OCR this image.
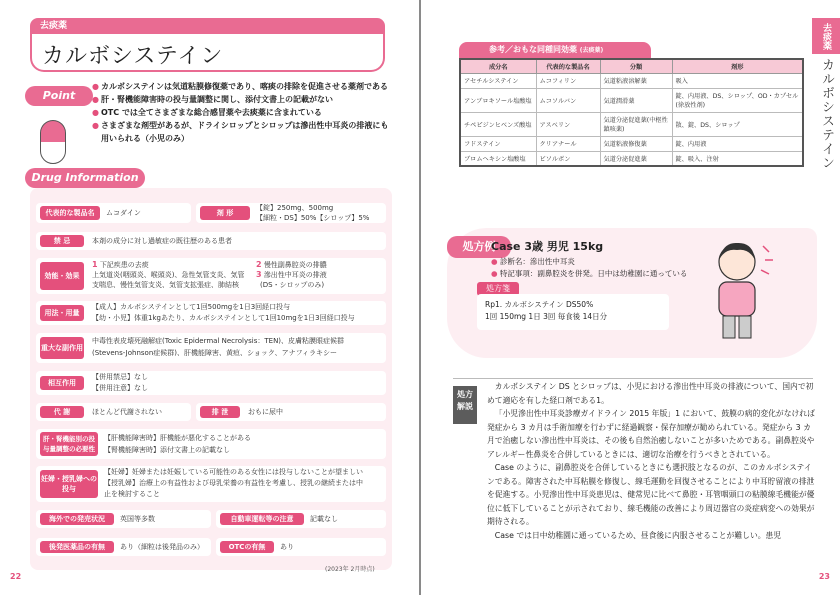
去痰薬
カルボシステイン
Point
● カルボシステインは気道粘膜修復薬であり、喀痰の排除を促進させる薬剤である
● 肝・腎機能障害時の投与量調整に関し、添付文書上の記載がない
● OTC では全てさまざまな総合感冒薬や去痰薬に含まれている
● さまざまな剤型があるが、ドライシロップとシロップは滲出性中耳炎の排液にも用いられる（小児のみ）
Drug Information
代表的な製品名	ムコダイン	剤 形
【錠】250mg、500mg
【細粒・DS】50%【シロップ】5%
禁 忌	本剤の成分に対し過敏症の既往歴のある患者
効能・効果
1 下記疾患の去痰
上気道炎(咽頭炎、喉頭炎)、急性気管支炎、気管
支喘息、慢性気管支炎、気管支拡張症、肺結核
2 慢性副鼻腔炎の排膿
3 滲出性中耳炎の排液
(DS・シロップのみ)
用法・用量
【成人】カルボシステインとして1回500mgを1日3回経口投与
【幼・小児】体重1kgあたり、カルボシステインとして1回10mgを1日3回経口投与
重大な副作用
中毒性表皮壊死融解症(Toxic Epidermal Necrolysis：TEN)、皮膚粘膜眼症候群
(Stevens-Johnson症候群)、肝機能障害、黄疸、ショック、アナフィラキシー
相互作用
【併用禁忌】なし
【併用注意】なし
代 謝	ほとんど代謝されない	排 泄	おもに尿中
肝・腎機能別の投与量調整の必要性
【肝機能障害時】肝機能が悪化することがある
【腎機能障害時】添付文書上の記載なし
妊婦・授乳婦への投与
【妊婦】妊婦または妊娠している可能性のある女性には投与しないことが望ましい
【授乳婦】治療上の有益性および母乳栄養の有益性を考慮し、授乳の継続または中
止を検討すること
海外での発売状況	英国等多数	自動車運転等の注意	記載なし
後発医薬品の有無	あり（細粒は後発品のみ）	OTCの有無	あり
(2023年 2月時点)
22
去痰薬
カルボシステイン
参考／おもな同種同効薬 (去痰薬)
成分名	代表的な製品名	分類	剤形
アセチルシステイン	ムコフィリン	気道粘液溶解薬	吸入
アンブロキソール塩酸塩	ムコソルバン	気道潤滑薬	錠、内用液、DS、シロップ、OD・カプセル(徐放性剤)
チペピジンヒベンズ酸塩	アスベリン	気道分泌促進薬(中枢性鎮咳薬)	散、錠、DS、シロップ
フドステイン	クリアナール	気道粘液修復薬	錠、内用液
ブロムヘキシン塩酸塩	ビソルボン	気道分泌促進薬	錠、吸入、注射
処方例
Case 3歳 男児 15kg
● 診断名：滲出性中耳炎
● 特記事項：副鼻腔炎を併発。日中は幼稚園に通っている
処方箋
Rp1. カルボシステイン DS50%
1回 150mg 1日 3回 毎食後 14日分
処方
解説

カルボシステイン DS とシロップは、小児における滲出性中耳炎の排液について、国内で初めて適応を有した経口剤である1。

「小児滲出性中耳炎診療ガイドライン 2015 年版」1 において、鼓膜の病的変化がなければ発症から 3 カ月は手術加療を行わずに経過観察・保存加療が勧められている。発症から 3 カ月で治癒しない滲出性中耳炎は、その後も自然治癒しないことが多いためである。副鼻腔炎やアレルギー性鼻炎を合併しているときには、適切な治療を行うべきとされている。

Case のように、副鼻腔炎を合併しているときにも選択肢となるのが、このカルボシステインである。障害された中耳粘膜を修復し、線毛運動を回復させることにより中耳貯留液の排泄を促進する。小児滲出性中耳炎患児は、健常児に比べて鼻腔・耳管咽頭口の粘膜線毛機能が優位に低下していることが示されており、線毛機能の改善により周辺器官の炎症病変への効果が期待される。

Case では日中幼稚園に通っているため、昼食後に内服させることが難しい。患児

23
